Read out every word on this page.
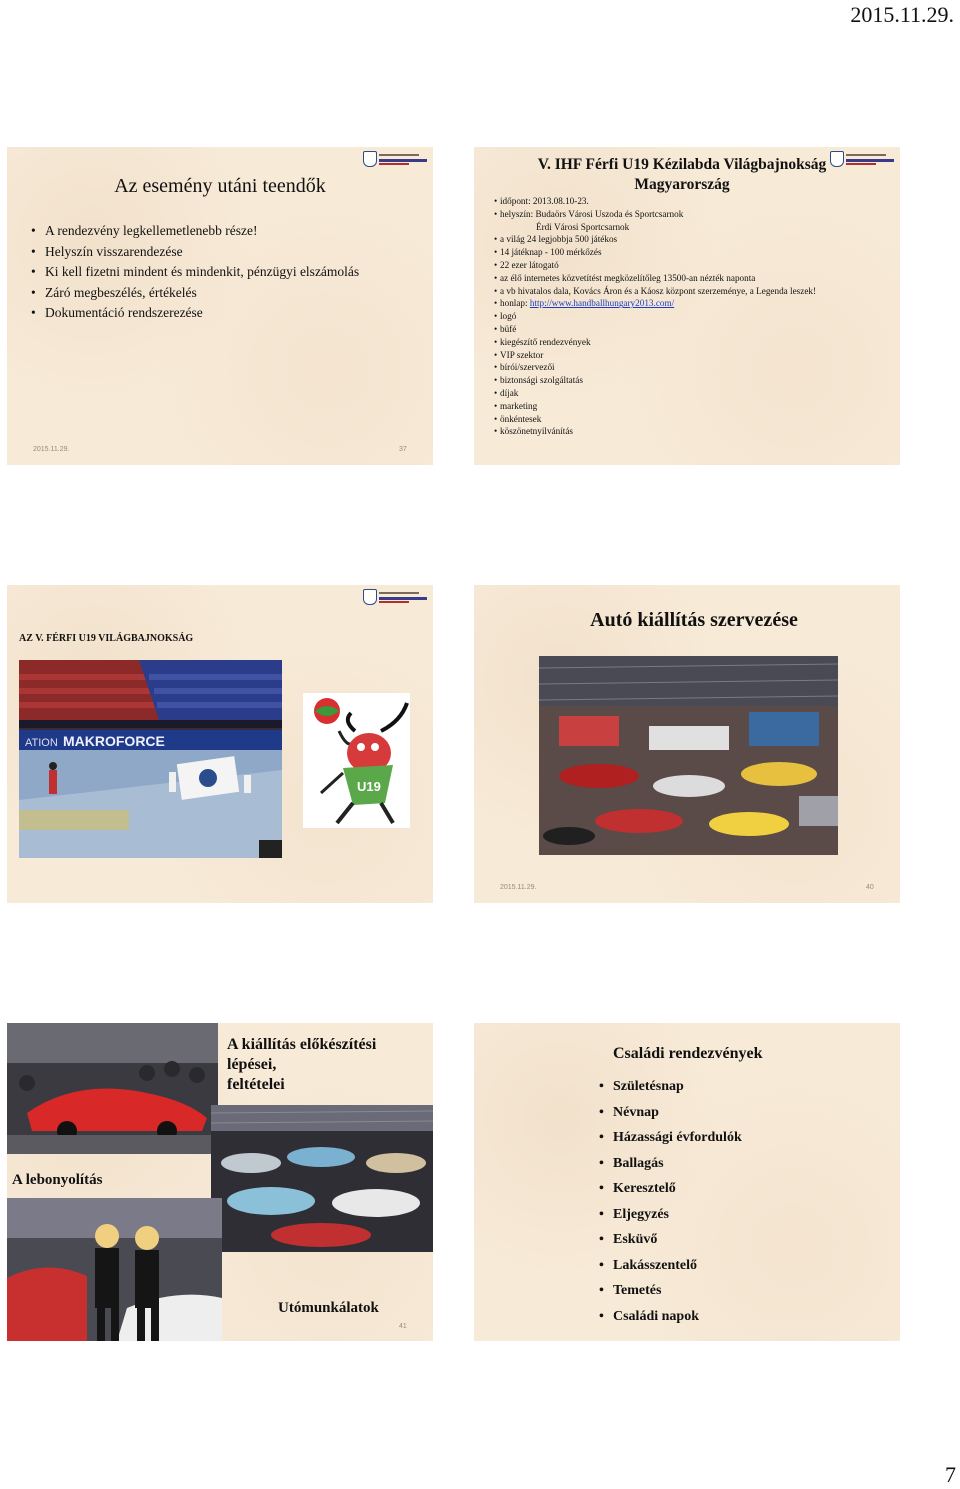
2015.11.29.
Az esemény utáni teendők
• A rendezvény legkellemetlenebb része!
• Helyszín visszarendezése
• Ki kell fizetni mindent és mindenkit, pénzügyi elszámolás
• Záró megbeszélés, értékelés
• Dokumentáció rendszerezése
2015.11.29.	37
V. IHF Férfi U19 Kézilabda Világbajnokság
Magyarország
• időpont: 2013.08.10-23.
• helyszín: Budaörs Városi Uszoda és Sportcsarnok
Érdi Városi Sportcsarnok
• a világ 24 legjobbja 500 játékos
• 14 játéknap - 100 mérkőzés
• 22 ezer látogató
• az élő internetes közvetítést megközelítőleg 13500-an nézték naponta
• a vb hivatalos dala, Kovács Áron és a Káosz központ szerzeménye, a Legenda leszek!
• honlap: http://www.handballhungary2013.com/
• logó
• büfé
• kiegészítő rendezvények
• VIP szektor
• bírói/szervezői
• biztonsági szolgáltatás
• díjak
• marketing
• önkéntesek
• köszönetnyilvánítás
AZ V. FÉRFI U19 VILÁGBAJNOKSÁG
ATION MAKROFORCE
U19
Autó kiállítás szervezése
2015.11.29.	40
A kiállítás előkészítési
lépései,
feltételei
A lebonyolítás
Utómunkálatok
41
Családi rendezvények
• Születésnap
• Névnap
• Házassági évfordulók
• Ballagás
• Keresztelő
• Eljegyzés
• Esküvő
• Lakásszentelő
• Temetés
• Családi napok
7
